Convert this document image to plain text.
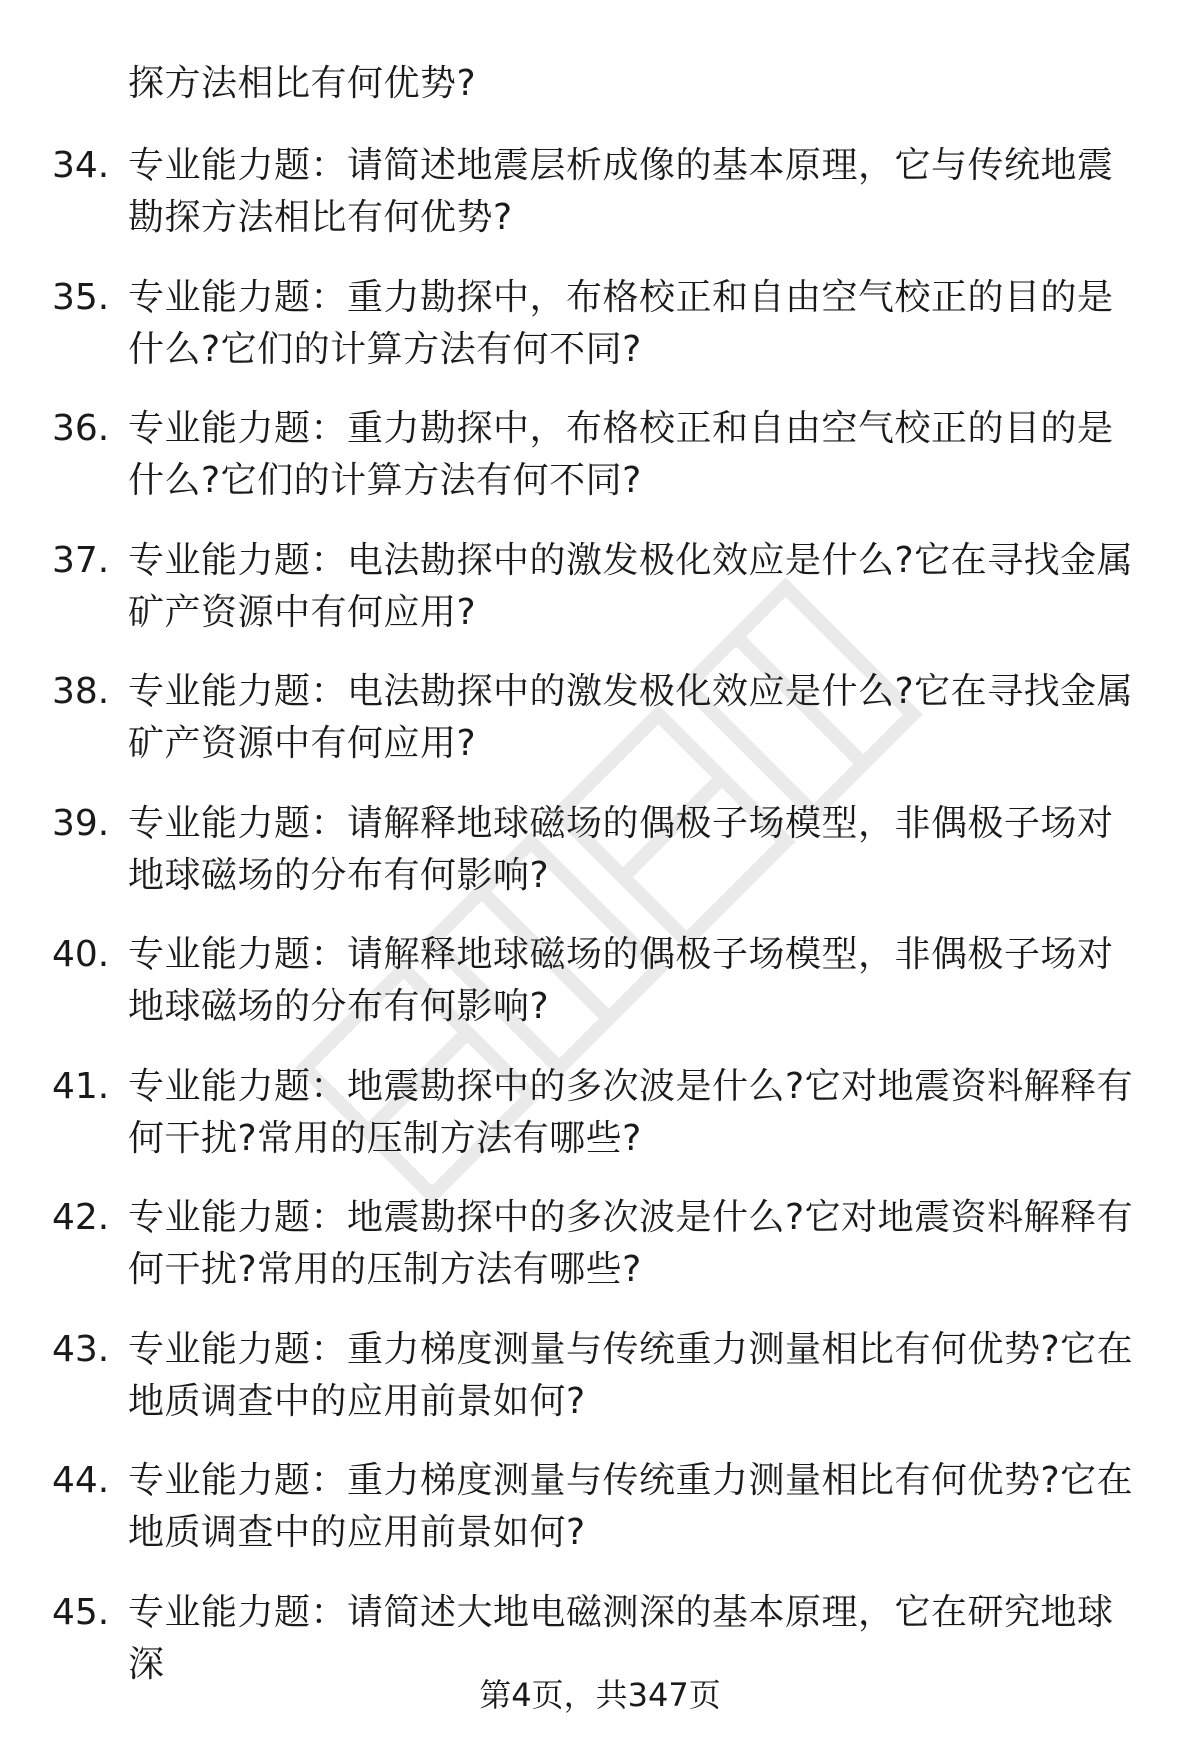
探方法相比有何优势?
34. 专业能力题：请简述地震层析成像的基本原理，它与传统地震勘探方法相比有何优势?
35. 专业能力题：重力勘探中，布格校正和自由空气校正的目的是什么?它们的计算方法有何不同?
36. 专业能力题：重力勘探中，布格校正和自由空气校正的目的是什么?它们的计算方法有何不同?
37. 专业能力题：电法勘探中的激发极化效应是什么?它在寻找金属矿产资源中有何应用?
38. 专业能力题：电法勘探中的激发极化效应是什么?它在寻找金属矿产资源中有何应用?
39. 专业能力题：请解释地球磁场的偶极子场模型，非偶极子场对地球磁场的分布有何影响?
40. 专业能力题：请解释地球磁场的偶极子场模型，非偶极子场对地球磁场的分布有何影响?
41. 专业能力题：地震勘探中的多次波是什么?它对地震资料解释有何干扰?常用的压制方法有哪些?
42. 专业能力题：地震勘探中的多次波是什么?它对地震资料解释有何干扰?常用的压制方法有哪些?
43. 专业能力题：重力梯度测量与传统重力测量相比有何优势?它在地质调查中的应用前景如何?
44. 专业能力题：重力梯度测量与传统重力测量相比有何优势?它在地质调查中的应用前景如何?
45. 专业能力题：请简述大地电磁测深的基本原理，它在研究地球深
第4页，共347页
